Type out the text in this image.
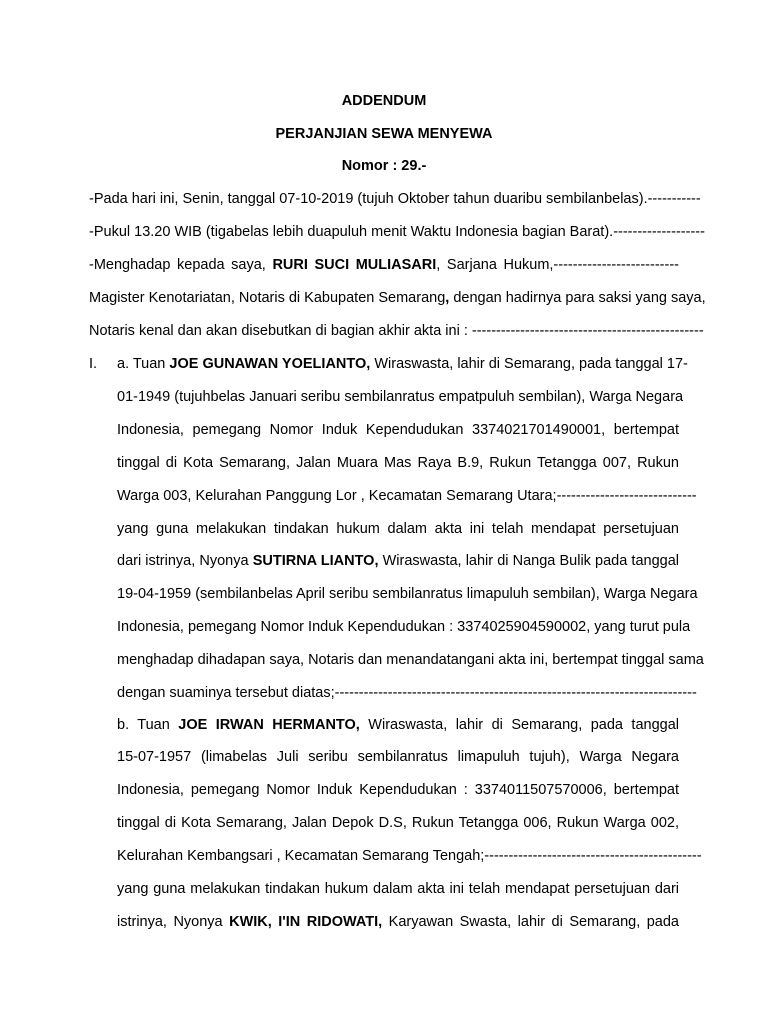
ADDENDUM
PERJANJIAN SEWA MENYEWA
Nomor : 29.-
-Pada hari ini, Senin, tanggal 07-10-2019 (tujuh Oktober tahun duaribu sembilanbelas).-----------
-Pukul 13.20 WIB (tigabelas lebih duapuluh menit Waktu Indonesia bagian Barat).-------------------
-Menghadap kepada saya, RURI SUCI MULIASARI, Sarjana Hukum,--------------------------
Magister Kenotariatan, Notaris di Kabupaten Semarang, dengan hadirnya para saksi yang saya,
Notaris kenal dan akan disebutkan di bagian akhir akta ini : ------------------------------------------------
I.	a. Tuan JOE GUNAWAN YOELIANTO, Wiraswasta, lahir di Semarang, pada tanggal 17-
01-1949 (tujuhbelas Januari seribu sembilanratus empatpuluh sembilan), Warga Negara
Indonesia, pemegang Nomor Induk Kependudukan 3374021701490001, bertempat
tinggal di Kota Semarang, Jalan Muara Mas Raya B.9, Rukun Tetangga 007, Rukun
Warga 003, Kelurahan Panggung Lor , Kecamatan Semarang Utara;-----------------------------
yang guna melakukan tindakan hukum dalam akta ini telah mendapat persetujuan
dari istrinya, Nyonya SUTIRNA LIANTO, Wiraswasta, lahir di Nanga Bulik pada tanggal
19-04-1959 (sembilanbelas April seribu sembilanratus limapuluh sembilan), Warga Negara
Indonesia, pemegang Nomor Induk Kependudukan : 3374025904590002, yang turut pula
menghadap dihadapan saya, Notaris dan menandatangani akta ini, bertempat tinggal sama
dengan suaminya tersebut diatas;---------------------------------------------------------------------------
b. Tuan JOE IRWAN HERMANTO, Wiraswasta, lahir di Semarang, pada tanggal
15-07-1957 (limabelas Juli seribu sembilanratus limapuluh tujuh), Warga Negara
Indonesia, pemegang Nomor Induk Kependudukan : 3374011507570006, bertempat
tinggal di Kota Semarang, Jalan Depok D.S, Rukun Tetangga 006, Rukun Warga 002,
Kelurahan Kembangsari , Kecamatan Semarang Tengah;---------------------------------------------
yang guna melakukan tindakan hukum dalam akta ini telah mendapat persetujuan dari
istrinya, Nyonya KWIK, I'IN RIDOWATI, Karyawan Swasta, lahir di Semarang, pada
